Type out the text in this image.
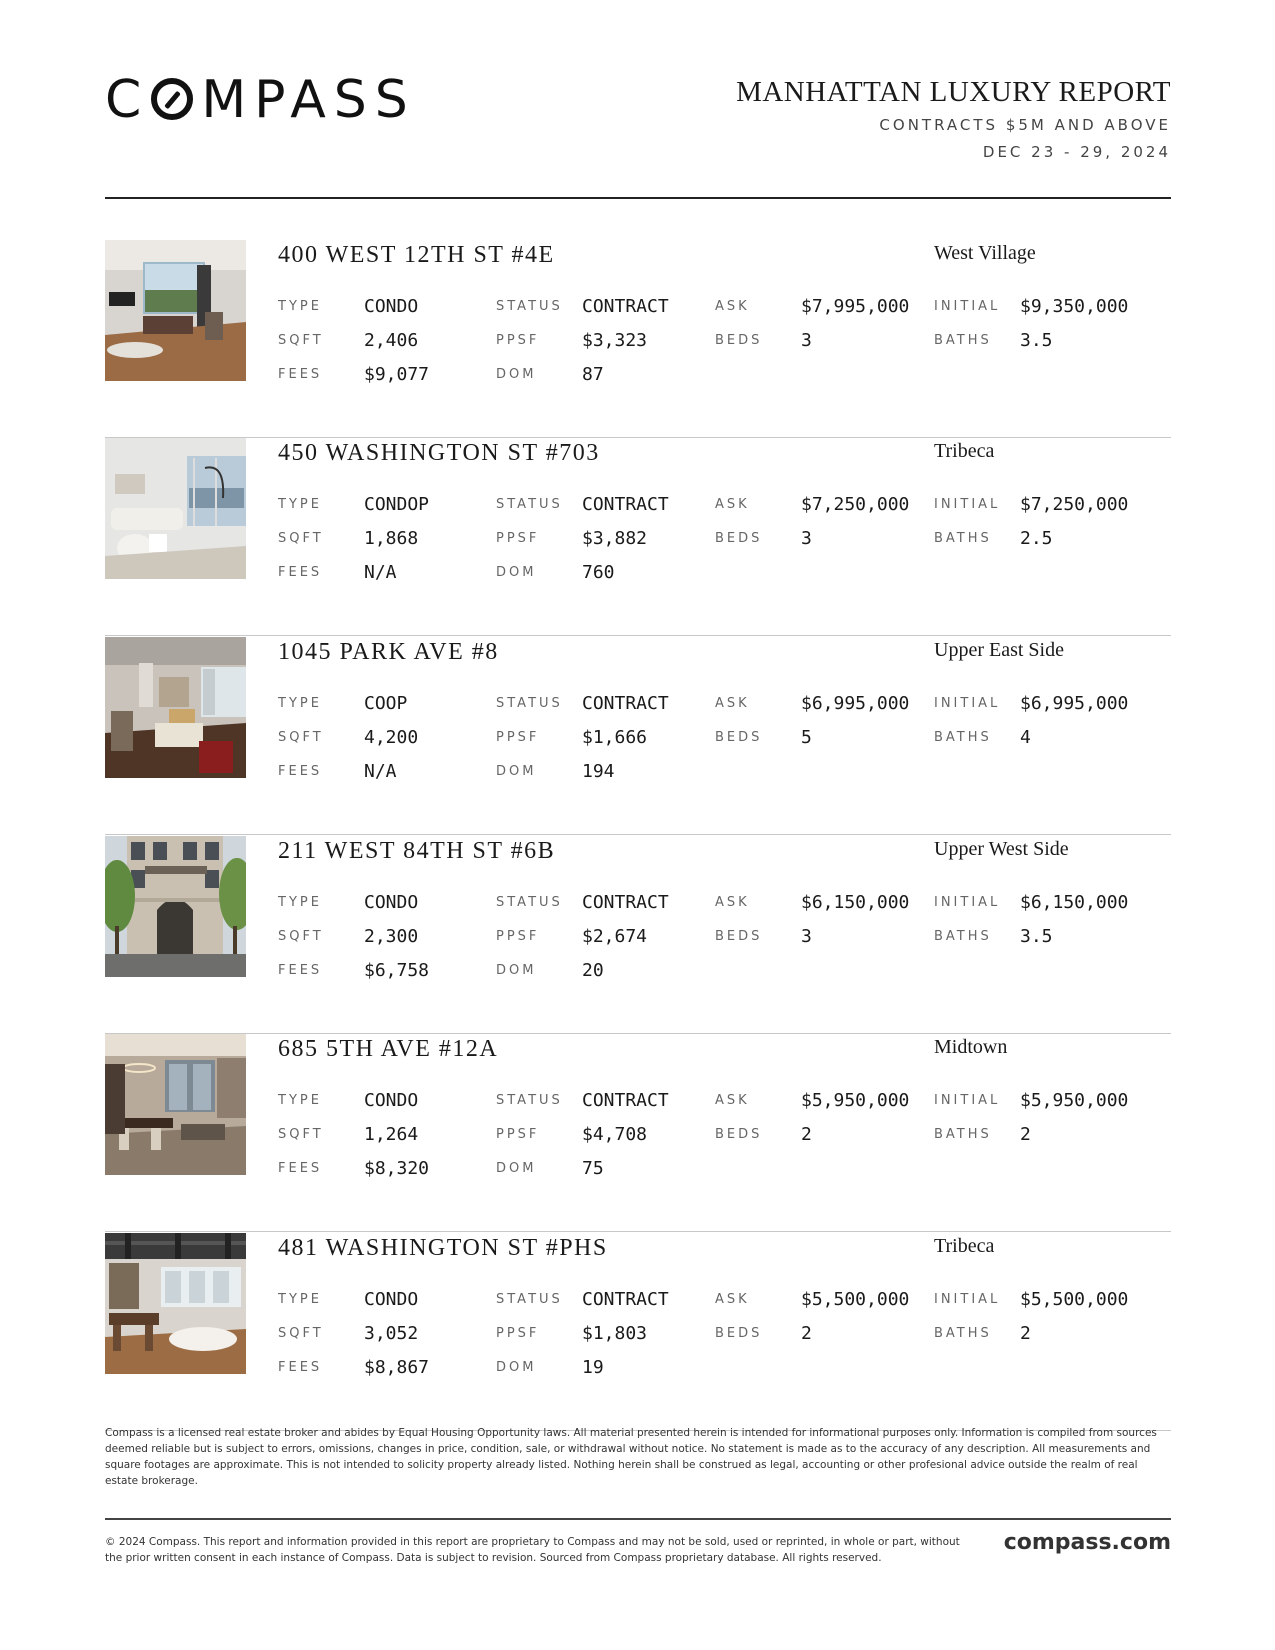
C MPASS	MANHATTAN LUXURY REPORT
CONTRACTS $5M AND ABOVE
DEC 23 - 29, 2024
400 WEST 12TH ST #4E	West Village
TYPE CONDO	STATUS CONTRACT	ASK	$7,995,000 INITIAL $9,350,000
SQFT 2,406	PPSF $3,323	BEDS 3	BATHS 3.5
FEES $9,077	DOM	87
450 WASHINGTON ST #703	Tribeca
TYPE CONDOP	STATUS CONTRACT	ASK	$7,250,000 INITIAL $7,250,000
SQFT 1,868	PPSF $3,882	BEDS 3	BATHS 2.5
FEES N/A	DOM	760
1045 PARK AVE #8	Upper East Side
TYPE COOP	STATUS CONTRACT	ASK	$6,995,000 INITIAL $6,995,000
SQFT 4,200	PPSF $1,666	BEDS 5	BATHS 4
FEES N/A	DOM	194
211 WEST 84TH ST #6B	Upper West Side
TYPE CONDO	STATUS CONTRACT	ASK	$6,150,000 INITIAL $6,150,000
SQFT 2,300	PPSF $2,674	BEDS 3	BATHS 3.5
FEES $6,758	DOM	20
685 5TH AVE #12A	Midtown
TYPE CONDO	STATUS CONTRACT	ASK	$5,950,000 INITIAL $5,950,000
SQFT 1,264	PPSF $4,708	BEDS 2	BATHS 2
FEES $8,320	DOM	75
481 WASHINGTON ST #PHS	Tribeca
TYPE CONDO	STATUS CONTRACT	ASK	$5,500,000 INITIAL $5,500,000
SQFT 3,052	PPSF $1,803	BEDS 2	BATHS 2
FEES $8,867	DOM	19
Compass is a licensed real estate broker and abides by Equal Housing Opportunity laws. All material presented herein is intended for informational purposes only. Information is compiled from sources deemed reliable but is subject to errors, omissions, changes in price, condition, sale, or withdrawal without notice. No statement is made as to the accuracy of any description. All measurements and square footages are approximate. This is not intended to solicity property already listed. Nothing herein shall be construed as legal, accounting or other profesional advice outside the realm of real estate brokerage.
© 2024 Compass. This report and information provided in this report are proprietary to Compass and may not be sold, used or reprinted, in whole or part, without the prior written consent in each instance of Compass. Data is subject to revision. Sourced from Compass proprietary database. All rights reserved.
compass.com
